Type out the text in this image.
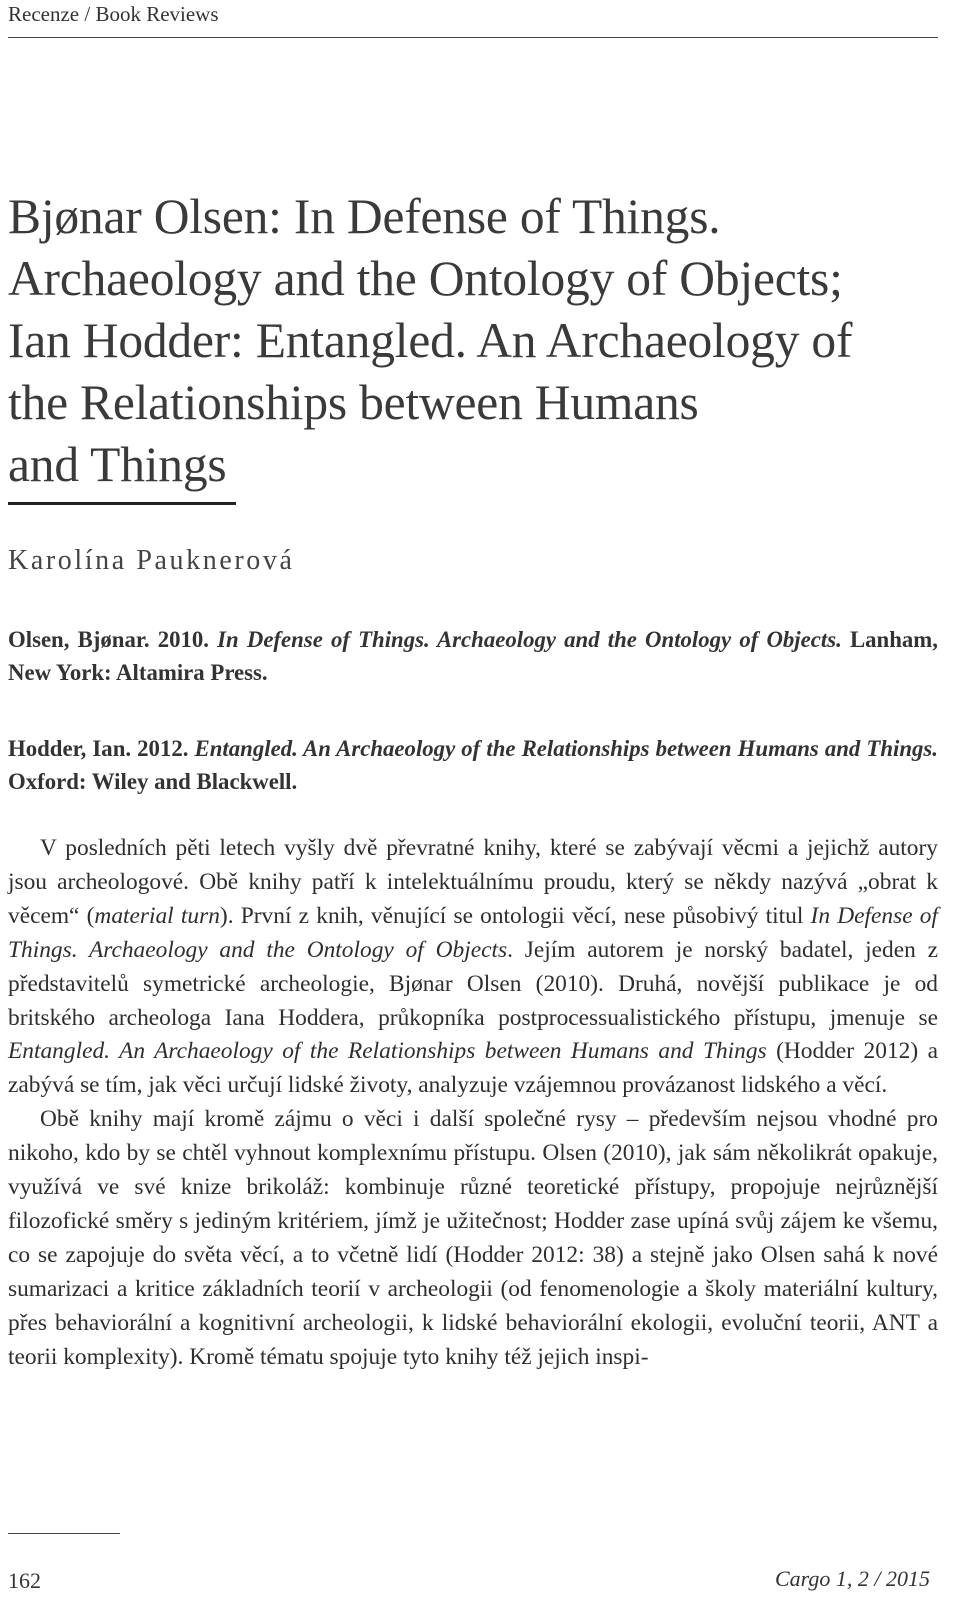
Recenze / Book Reviews
Bjønar Olsen: In Defense of Things.
Archaeology and the Ontology of Objects;
Ian Hodder: Entangled. An Archaeology of
the Relationships between Humans
and Things
Karolína Pauknerová
Olsen, Bjønar. 2010. In Defense of Things. Archaeology and the Ontology of Objects. Lanham, New York: Altamira Press.
Hodder, Ian. 2012. Entangled. An Archaeology of the Relationships between Humans and Things. Oxford: Wiley and Blackwell.

V posledních pěti letech vyšly dvě převratné knihy, které se zabývají věcmi a jejichž autory jsou archeologové. Obě knihy patří k intelektuálnímu proudu, který se někdy nazývá „obrat k věcem“ (material turn). První z knih, věnující se ontologii věcí, nese působivý titul In Defense of Things. Archaeology and the Ontology of Objects. Jejím autorem je norský badatel, jeden z představitelů symetrické archeologie, Bjønar Olsen (2010). Druhá, novější publikace je od britského archeologa Iana Hoddera, průkopníka postprocessualistického přístupu, jmenuje se Entangled. An Archaeology of the Relationships between Humans and Things (Hodder 2012) a zabývá se tím, jak věci určují lidské životy, analyzuje vzájemnou provázanost lidského a věcí.

Obě knihy mají kromě zájmu o věci i další společné rysy – především nejsou vhodné pro nikoho, kdo by se chtěl vyhnout komplexnímu přístupu. Olsen (2010), jak sám několikrát opakuje, využívá ve své knize brikoláž: kombinuje různé teoretické přístupy, propojuje nejrůznější filozofické směry s jediným kritériem, jímž je užitečnost; Hodder zase upíná svůj zájem ke všemu, co se zapojuje do světa věcí, a to včetně lidí (Hodder 2012: 38) a stejně jako Olsen sahá k nové sumarizaci a kritice základních teorií v archeologii (od fenomenologie a školy materiální kultury, přes behaviorální a kognitivní archeologii, k lidské behaviorální ekologii, evoluční teorii, ANT a teorii komplexity). Kromě tématu spojuje tyto knihy též jejich inspi-

162	Cargo 1, 2 / 2015
